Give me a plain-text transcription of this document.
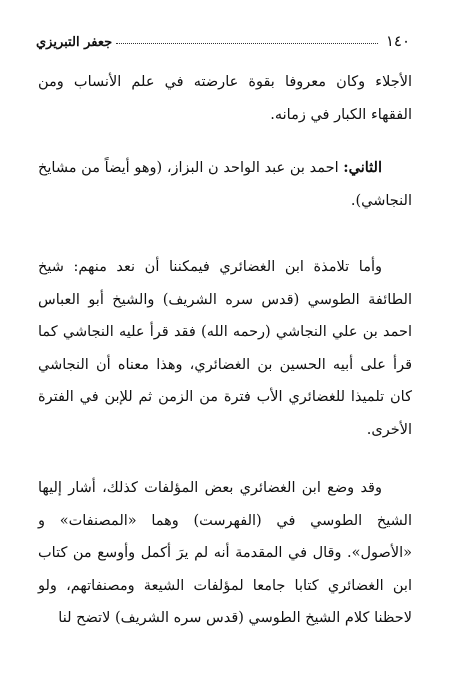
١٤٠
جعفر التبريزي

الأجلاء وكان معروفا بقوة عارضته في علم الأنساب ومن الفقهاء الكبار في زمانه.

الثاني: احمد بن عبد الواحد ن البزاز، (وهو أيضاً من مشايخ النجاشي).

وأما تلامذة ابن الغضائري فيمكننا أن نعد منهم: شيخ الطائفة الطوسي (قدس سره الشريف) والشيخ أبو العباس احمد بن علي النجاشي (رحمه الله) فقد قرأ عليه النجاشي كما قرأ على أبيه الحسين بن الغضائري، وهذا معناه أن النجاشي كان تلميذا للغضائري الأب فترة من الزمن ثم للإبن في الفترة الأخرى.

وقد وضع ابن الغضائري بعض المؤلفات كذلك، أشار إليها الشيخ الطوسي في (الفهرست) وهما «المصنفات» و «الأصول». وقال في المقدمة أنه لم يرَ أكمل وأوسع من كتاب ابن الغضائري كتابا جامعا لمؤلفات الشيعة ومصنفاتهم، ولو لاحظنا كلام الشيخ الطوسي (قدس سره الشريف) لاتضح لنا
